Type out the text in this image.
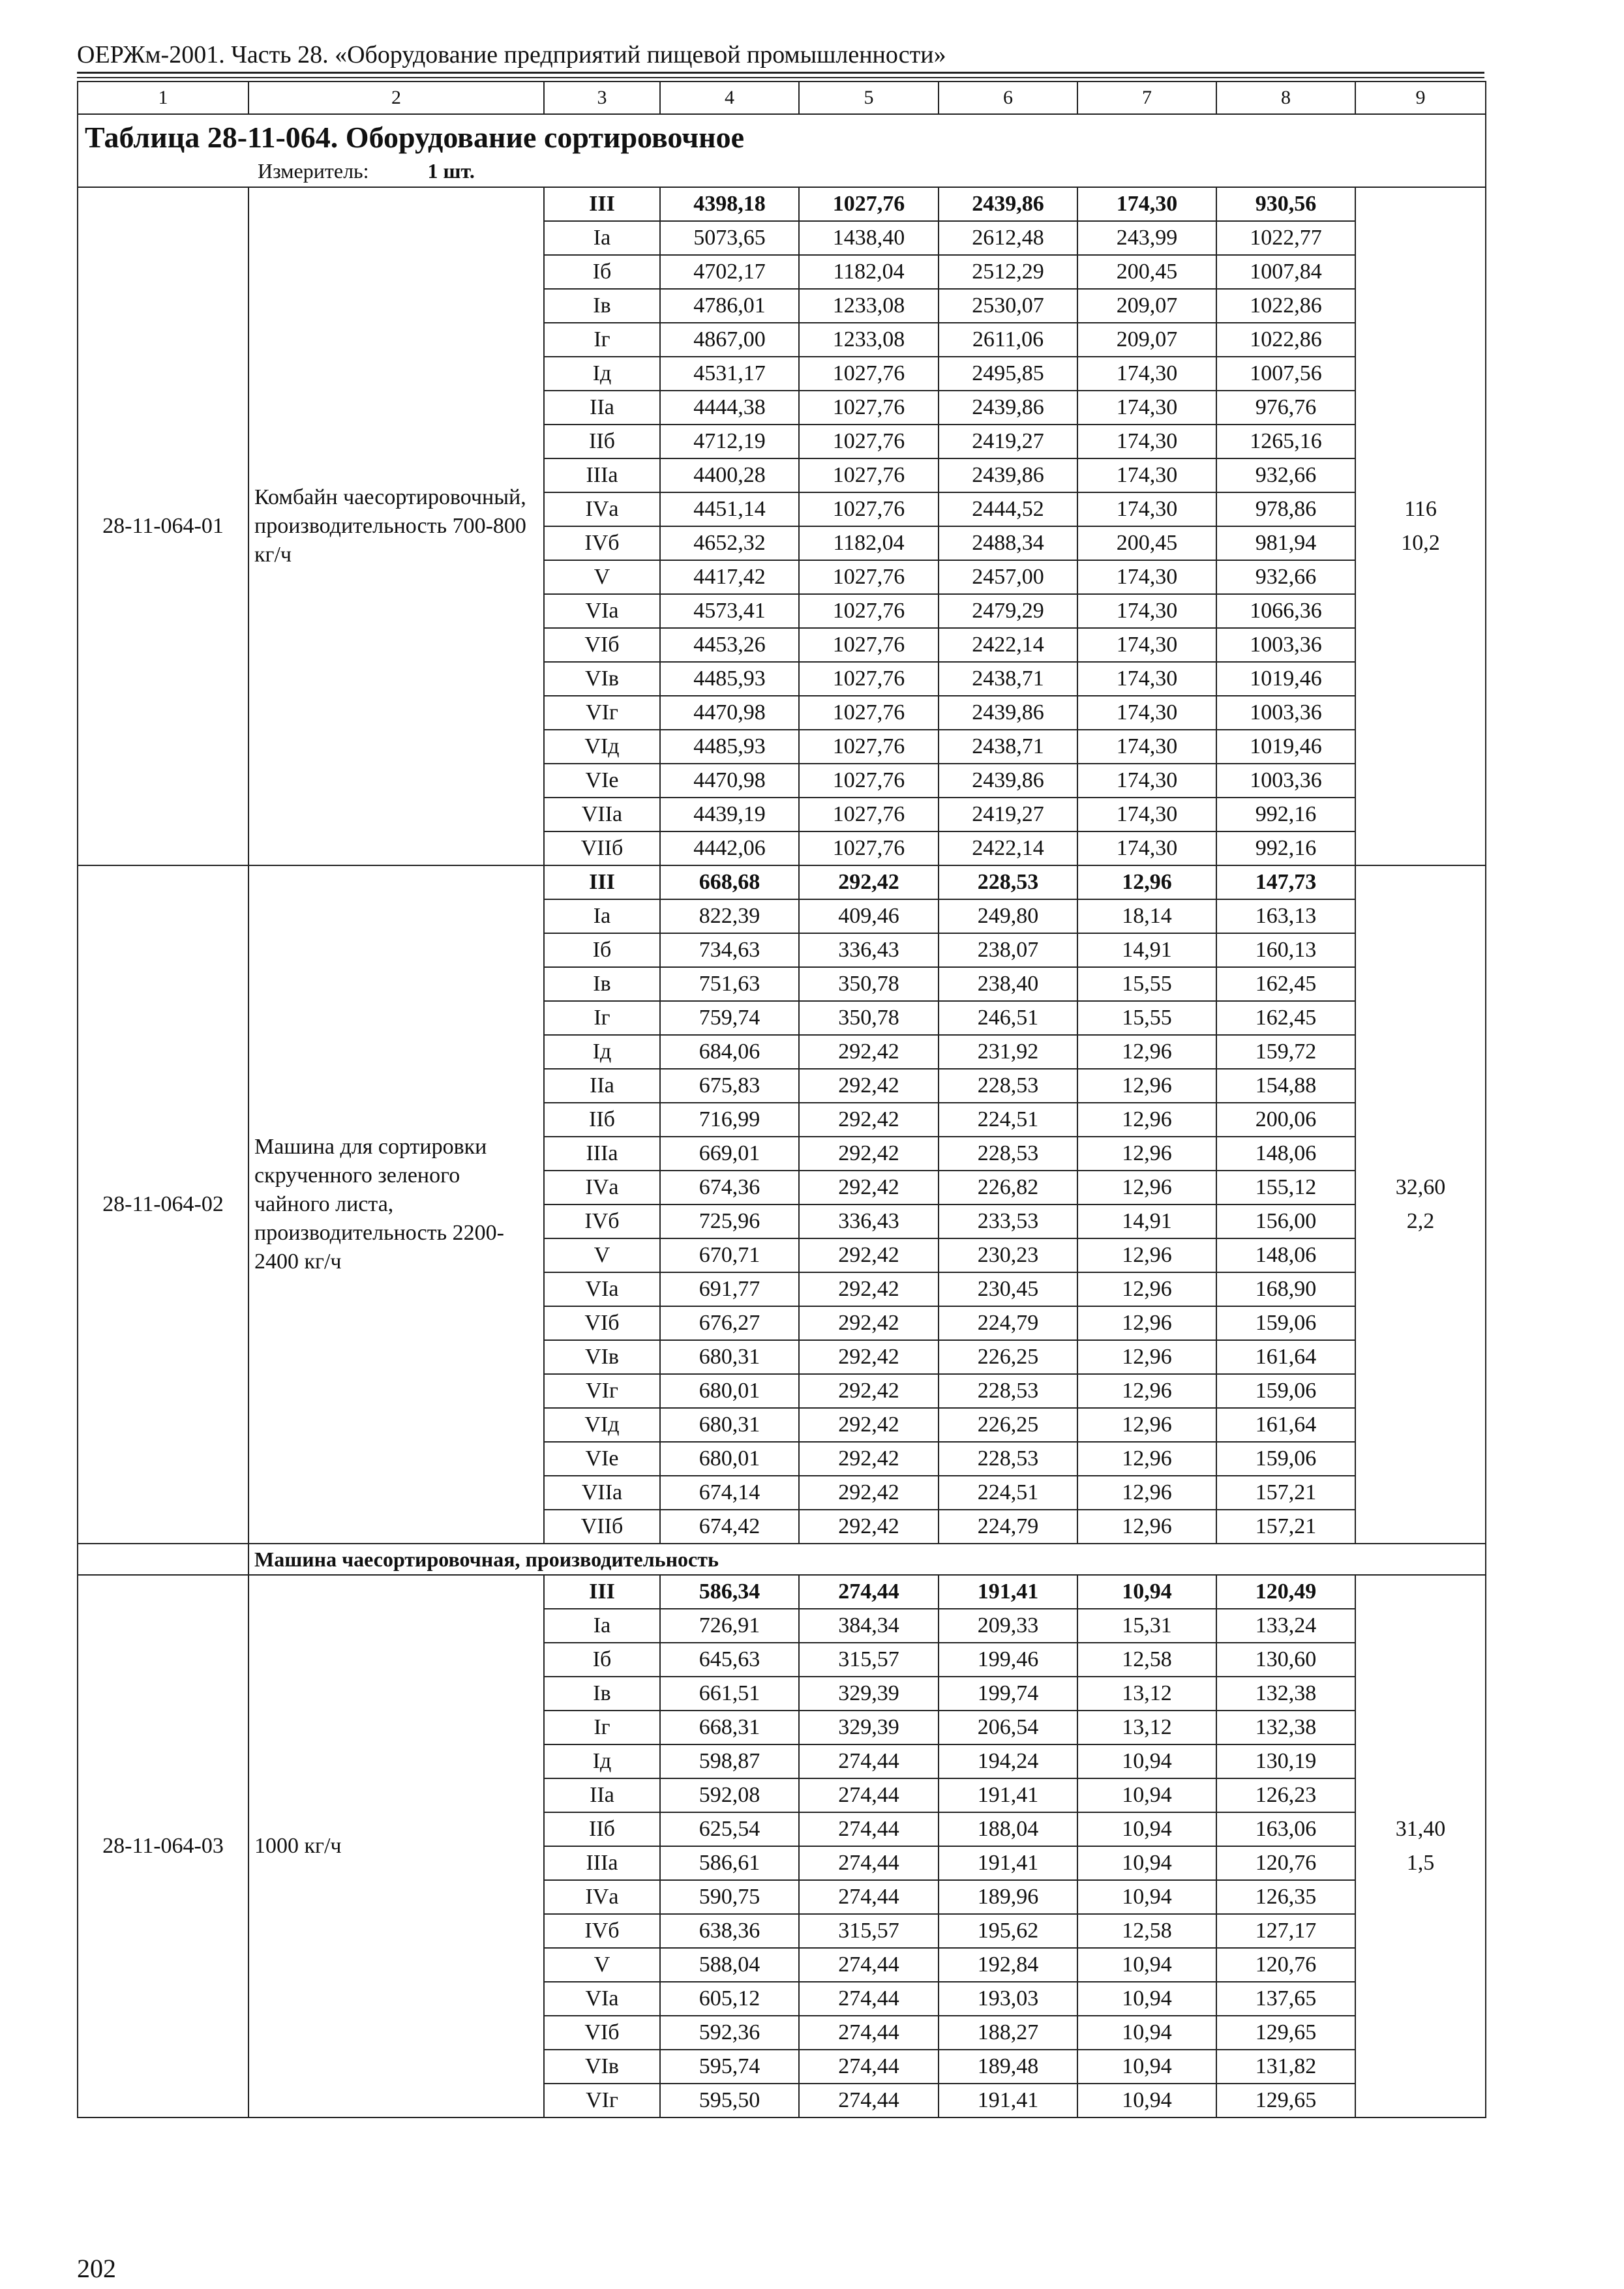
ОЕРЖм-2001. Часть 28. «Оборудование предприятий пищевой промышленности»
1	2	3	4	5	6	7	8	9

Таблица 28-11-064. Оборудование сортировочное
Измеритель: 1 шт.								

28-11-064-01	Комбайн чаесортировочный, производительность 700-800 кг/ч	III	4398,18	1027,76	2439,86	174,30	930,56	116
10,2

		Iа	5073,65	1438,40	2612,48	243,99	1022,77	
		Iб	4702,17	1182,04	2512,29	200,45	1007,84	
		Iв	4786,01	1233,08	2530,07	209,07	1022,86	
		Iг	4867,00	1233,08	2611,06	209,07	1022,86	
		Iд	4531,17	1027,76	2495,85	174,30	1007,56	
		IIа	4444,38	1027,76	2439,86	174,30	976,76	
		IIб	4712,19	1027,76	2419,27	174,30	1265,16	
		IIIа	4400,28	1027,76	2439,86	174,30	932,66	
		IVа	4451,14	1027,76	2444,52	174,30	978,86	
		IVб	4652,32	1182,04	2488,34	200,45	981,94	
		V	4417,42	1027,76	2457,00	174,30	932,66	
		VIа	4573,41	1027,76	2479,29	174,30	1066,36	
		VIб	4453,26	1027,76	2422,14	174,30	1003,36	
		VIв	4485,93	1027,76	2438,71	174,30	1019,46	
		VIг	4470,98	1027,76	2439,86	174,30	1003,36	
		VIд	4485,93	1027,76	2438,71	174,30	1019,46	
		VIе	4470,98	1027,76	2439,86	174,30	1003,36	
		VIIа	4439,19	1027,76	2419,27	174,30	992,16	
		VIIб	4442,06	1027,76	2422,14	174,30	992,16	
28-11-064-02	Машина для сортировки скрученного зеленого чайного листа, производительность 2200-2400 кг/ч	III	668,68	292,42	228,53	12,96	147,73	32,60
2,2

		Iа	822,39	409,46	249,80	18,14	163,13	
		Iб	734,63	336,43	238,07	14,91	160,13	
		Iв	751,63	350,78	238,40	15,55	162,45	
		Iг	759,74	350,78	246,51	15,55	162,45	
		Iд	684,06	292,42	231,92	12,96	159,72	
		IIа	675,83	292,42	228,53	12,96	154,88	
		IIб	716,99	292,42	224,51	12,96	200,06	
		IIIа	669,01	292,42	228,53	12,96	148,06	
		IVа	674,36	292,42	226,82	12,96	155,12	
		IVб	725,96	336,43	233,53	14,91	156,00	
		V	670,71	292,42	230,23	12,96	148,06	
		VIа	691,77	292,42	230,45	12,96	168,90	
		VIб	676,27	292,42	224,79	12,96	159,06	
		VIв	680,31	292,42	226,25	12,96	161,64	
		VIг	680,01	292,42	228,53	12,96	159,06	
		VIд	680,31	292,42	226,25	12,96	161,64	
		VIе	680,01	292,42	228,53	12,96	159,06	
		VIIа	674,14	292,42	224,51	12,96	157,21	
		VIIб	674,42	292,42	224,79	12,96	157,21	
	Машина чаесортировочная, производительность							
28-11-064-03	1000 кг/ч	III	586,34	274,44	191,41	10,94	120,49	31,40
1,5

		Iа	726,91	384,34	209,33	15,31	133,24	
		Iб	645,63	315,57	199,46	12,58	130,60	
		Iв	661,51	329,39	199,74	13,12	132,38	
		Iг	668,31	329,39	206,54	13,12	132,38	
		Iд	598,87	274,44	194,24	10,94	130,19	
		IIа	592,08	274,44	191,41	10,94	126,23	
		IIб	625,54	274,44	188,04	10,94	163,06	
		IIIа	586,61	274,44	191,41	10,94	120,76	
		IVа	590,75	274,44	189,96	10,94	126,35	
		IVб	638,36	315,57	195,62	12,58	127,17	
		V	588,04	274,44	192,84	10,94	120,76	
		VIа	605,12	274,44	193,03	10,94	137,65	
		VIб	592,36	274,44	188,27	10,94	129,65	
		VIв	595,74	274,44	189,48	10,94	131,82	
		VIг	595,50	274,44	191,41	10,94	129,65	
202
